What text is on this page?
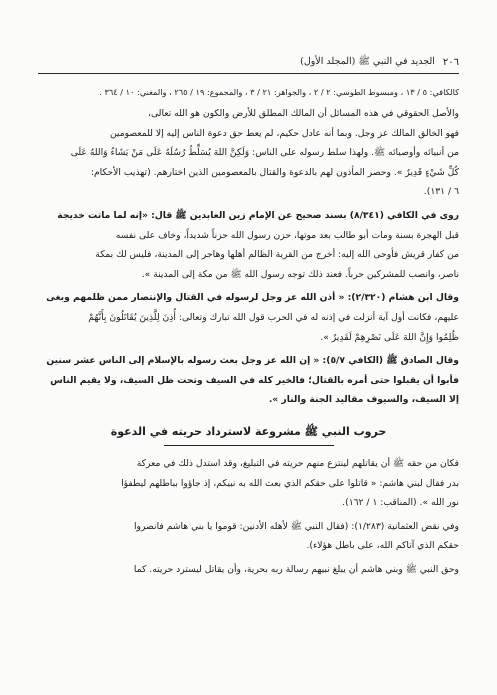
٢٠٦
الجديد في النبي ﷺ (المجلد الأول)
كالكافي: ٥ / ١٣ ، ومبسوط الطوسي: ٢ / ٢ ، والجواهر: ٢١ / ٣ ، والمجموع: ١٩ / ٢٦٥ ، والمغني: ١٠ / ٣٦٤ .

والأصل الحقوقي في هذه المسائل أن المالك المطلق للأرض والكون هو الله تعالى،
فهو الخالق المالك عز وجل. وبما أنه عادل حكيم، لم يعط حق دعوة الناس إليه إلا للمعصومين
من أنبيائه وأوصيائه ﷺ. ولهذا سلط رسوله على الناس: وَلَكِنَّ اللهَ يُسَلِّطُ رُسُلَهُ عَلَى مَنْ يَشَاءُ وَاللهُ عَلَى
كُلِّ شَيْءٍ قَدِيرٌ ». وحصر المأذون لهم بالدعوة والقتال بالمعصومين الذين اختارهم. (تهذيب الأحكام:
٦ / ١٣١).

روى في الكافي (٨/٣٤١) بسند صحيح عن الإمام زين العابدين ﷺ قال: «إنه لما ماتت خديجة
قبل الهجرة بسنة ومات أبو طالب بعد موتها، حزن رسول الله حزناً شديداً، وخاف على نفسه
من كفار قريش فأوحى الله إليه: أخرج من القرية الظالم أهلها وهاجر إلى المدينة، فليس لك بمكة
ناصر، وانصب للمشركين حرباً. فعند ذلك توجه رسول الله ﷺ من مكة إلى المدينة ».

وقال ابن هشام (٢/٣٢٠): « أذن الله عز وجل لرسوله في القتال والإنتصار ممن ظلمهم وبغى
عليهم، فكانت أول آية أنزلت في إذنه له في الحرب قول الله تبارك وتعالى: أُذِنَ لِلَّذِينَ يُقَاتَلُونَ بِأَنَّهُمْ
ظُلِمُوا وَإِنَّ اللهَ عَلَى نَصْرِهِمْ لَقَدِيرٌ ».

وقال الصادق ﷺ (الكافي ٥/٧): « إن الله عز وجل بعث رسوله بالإسلام إلى الناس عشر سنين
فأبوا أن يقبلوا حتى أمره بالقتال؛ فالخير كله في السيف وتحت ظل السيف، ولا يقيم الناس
إلا السيف، والسيوف مقاليد الجنة والنار ».

حروب النبي ﷺ مشروعة لاسترداد حريته في الدعوة

فكان من حقه ﷺ أن يقاتلهم لينتزع منهم حريته في التبليغ، وقد استدل ذلك في معركة
بدر فقال لبني هاشم: « قاتلوا على حقكم الذي بعث الله به نبيكم، إذ جاؤوا بباطلهم ليطفؤا
نور الله ». (المناقب: ١ / ١٦٢).

وفي نقض العثمانية (١/٢٨٣): (فقال النبي ﷺ لأهله الأدنين: قوموا يا بني هاشم فانصروا
حقكم الذي آتاكم الله، على باطل هؤلاء).

وحق النبي ﷺ وبني هاشم أن يبلغ نبيهم رسالة ربه بحرية، وأن يقاتل ليسترد حريته. كما
